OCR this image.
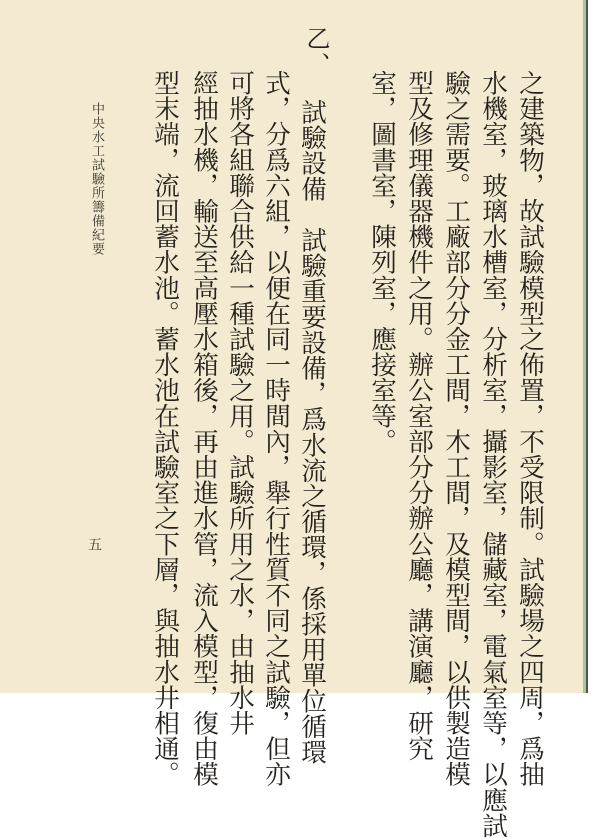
之建築物，故試驗模型之佈置，不受限制。試驗場之四周，爲抽
水機室，玻璃水槽室，分析室，攝影室，儲藏室，電氣室等，以應試
驗之需要。工廠部分分金工間，木工間，及模型間，以供製造模
型及修理儀器機件之用。辦公室部分分辦公廳，講演廳，研究
室，圖書室，陳列室，應接室等。
乙、
試驗設備　試驗重要設備，爲水流之循環，係採用單位循環
式，分爲六組，以便在同一時間內，舉行性質不同之試驗，但亦
可將各組聯合供給一種試驗之用。試驗所用之水，由抽水井
經抽水機，輸送至高壓水箱後，再由進水管，流入模型，復由模
型末端，流回蓄水池。蓄水池在試驗室之下層，與抽水井相通。
中央水工試驗所籌備紀要
五
